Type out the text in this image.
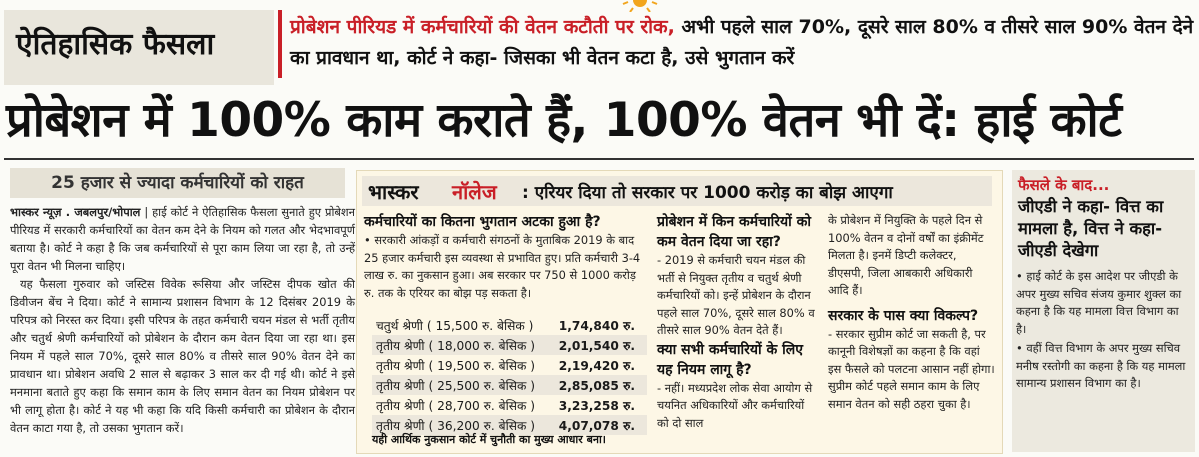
ऐतिहासिक फैसला	प्रोबेशन पीरियड में कर्मचारियों की वेतन कटौती पर रोक, अभी पहले साल 70%, दूसरे साल 80% व तीसरे साल 90% वेतन देने का प्रावधान था, कोर्ट ने कहा- जिसका भी वेतन कटा है, उसे भुगतान करें
प्रोबेशन में 100% काम कराते हैं, 100% वेतन भी दें: हाई कोर्ट
25 हजार से ज्यादा कर्मचारियों को राहत

भास्कर न्यूज़ . जबलपुर/भोपाल | हाई कोर्ट ने ऐतिहासिक फैसला सुनाते हुए प्रोबेशन पीरियड में सरकारी कर्मचारियों का वेतन कम देने के नियम को गलत और भेदभावपूर्ण बताया है। कोर्ट ने कहा है कि जब कर्मचारियों से पूरा काम लिया जा रहा है, तो उन्हें पूरा वेतन भी मिलना चाहिए।

यह फैसला गुरुवार को जस्टिस विवेक रूसिया और जस्टिस दीपक खोत की डिवीजन बेंच ने दिया। कोर्ट ने सामान्य प्रशासन विभाग के 12 दिसंबर 2019 के परिपत्र को निरस्त कर दिया। इसी परिपत्र के तहत कर्मचारी चयन मंडल से भर्ती तृतीय और चतुर्थ श्रेणी कर्मचारियों को प्रोबेशन के दौरान कम वेतन दिया जा रहा था। इस नियम में पहले साल 70%, दूसरे साल 80% व तीसरे साल 90% वेतन देने का प्रावधान था। प्रोबेशन अवधि 2 साल से बढ़ाकर 3 साल कर दी गई थी। कोर्ट ने इसे मनमाना बताते हुए कहा कि समान काम के लिए समान वेतन का नियम प्रोबेशन पर भी लागू होता है। कोर्ट ने यह भी कहा कि यदि किसी कर्मचारी का प्रोबेशन के दौरान वेतन काटा गया है, तो उसका भुगतान करें।

भास्कर नॉलेज : एरियर दिया तो सरकार पर 1000 करोड़ का बोझ आएगा
कर्मचारियों का कितना भुगतान अटका हुआ है?
• सरकारी आंकड़ों व कर्मचारी संगठनों के मुताबिक 2019 के बाद 25 हजार कर्मचारी इस व्यवस्था से प्रभावित हुए। प्रति कर्मचारी 3-4 लाख रु. का नुकसान हुआ। अब सरकार पर 750 से 1000 करोड़ रु. तक के एरियर का बोझ पड़ सकता है।
चतुर्थ श्रेणी ( 15,500 रु. बेसिक )	1,74,840 रु.
तृतीय श्रेणी ( 18,000 रु. बेसिक )	2,01,540 रु.
तृतीय श्रेणी ( 19,500 रु. बेसिक )	2,19,420 रु.
तृतीय श्रेणी ( 25,500 रु. बेसिक )	2,85,085 रु.
तृतीय श्रेणी ( 28,700 रु. बेसिक )	3,23,258 रु.
तृतीय श्रेणी ( 36,200 रु. बेसिक )	4,07,078 रु.
यही आर्थिक नुकसान कोर्ट में चुनौती का मुख्य आधार बना।
प्रोबेशन में किन कर्मचारियों को कम वेतन दिया जा रहा?
- 2019 से कर्मचारी चयन मंडल की भर्ती से नियुक्त तृतीय व चतुर्थ श्रेणी कर्मचारियों को। इन्हें प्रोबेशन के दौरान पहले साल 70%, दूसरे साल 80% व तीसरे साल 90% वेतन देते हैं।
क्या सभी कर्मचारियों के लिए यह नियम लागू है?
- नहीं। मध्यप्रदेश लोक सेवा आयोग से चयनित अधिकारियों और कर्मचारियों को दो साल
के प्रोबेशन में नियुक्ति के पहले दिन से 100% वेतन व दोनों वर्षों का इंक्रीमेंट मिलता है। इनमें डिप्टी कलेक्टर, डीएसपी, जिला आबकारी अधिकारी आदि हैं।
सरकार के पास क्या विकल्प?
- सरकार सुप्रीम कोर्ट जा सकती है, पर कानूनी विशेषज्ञों का कहना है कि वहां इस फैसले को पलटना आसान नहीं होगा। सुप्रीम कोर्ट पहले समान काम के लिए समान वेतन को सही ठहरा चुका है।
फैसले के बाद...
जीएडी ने कहा- वित्त का मामला है, वित्त ने कहा- जीएडी देखेगा

• हाई कोर्ट के इस आदेश पर जीएडी के अपर मुख्य सचिव संजय कुमार शुक्ल का कहना है कि यह मामला वित्त विभाग का है।

• वहीं वित्त विभाग के अपर मुख्य सचिव मनीष रस्तोगी का कहना है कि यह मामला सामान्य प्रशासन विभाग का है।
